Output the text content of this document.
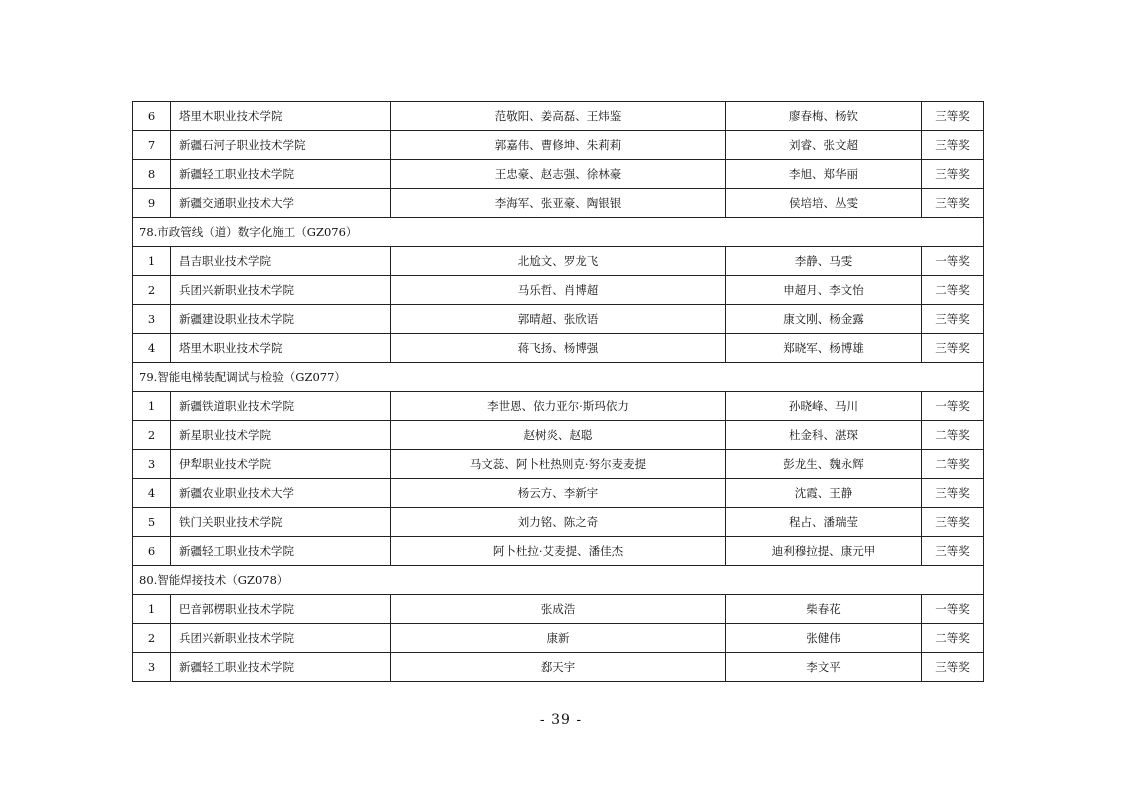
6	塔里木职业技术学院	范敬阳、姜高磊、王炜鉴	廖春梅、杨钦	三等奖
7	新疆石河子职业技术学院	郭嘉伟、曹修坤、朱莉莉	刘睿、张文超	三等奖
8	新疆轻工职业技术学院	王忠豪、赵志强、徐林豪	李旭、郑华丽	三等奖
9	新疆交通职业技术大学	李海军、张亚豪、陶银银	侯培培、丛雯	三等奖
78.市政管线（道）数字化施工（GZ076）				
1	昌吉职业技术学院	北尬文、罗龙飞	李静、马雯	一等奖
2	兵团兴新职业技术学院	马乐哲、肖博超	申超月、李文怡	二等奖
3	新疆建设职业技术学院	郭晴超、张欣语	康文刚、杨金露	三等奖
4	塔里木职业技术学院	蒋飞扬、杨博强	郑晓军、杨博雄	三等奖
79.智能电梯装配调试与检验（GZ077）				
1	新疆铁道职业技术学院	李世恩、依力亚尔·斯玛依力	孙晓峰、马川	一等奖
2	新星职业技术学院	赵树炎、赵聪	杜金科、湛琛	二等奖
3	伊犁职业技术学院	马文蕊、阿卜杜热则克·努尔麦麦提	彭龙生、魏永辉	二等奖
4	新疆农业职业技术大学	杨云方、李新宇	沈霞、王静	三等奖
5	铁门关职业技术学院	刘力铭、陈之奇	程占、潘瑞莹	三等奖
6	新疆轻工职业技术学院	阿卜杜拉·艾麦提、潘佳杰	迪利穆拉提、康元甲	三等奖
80.智能焊接技术（GZ078）				
1	巴音郭楞职业技术学院	张成浩	柴春花	一等奖
2	兵团兴新职业技术学院	康新	张健伟	二等奖
3	新疆轻工职业技术学院	郄天宇	李文平	三等奖
- 39 -
